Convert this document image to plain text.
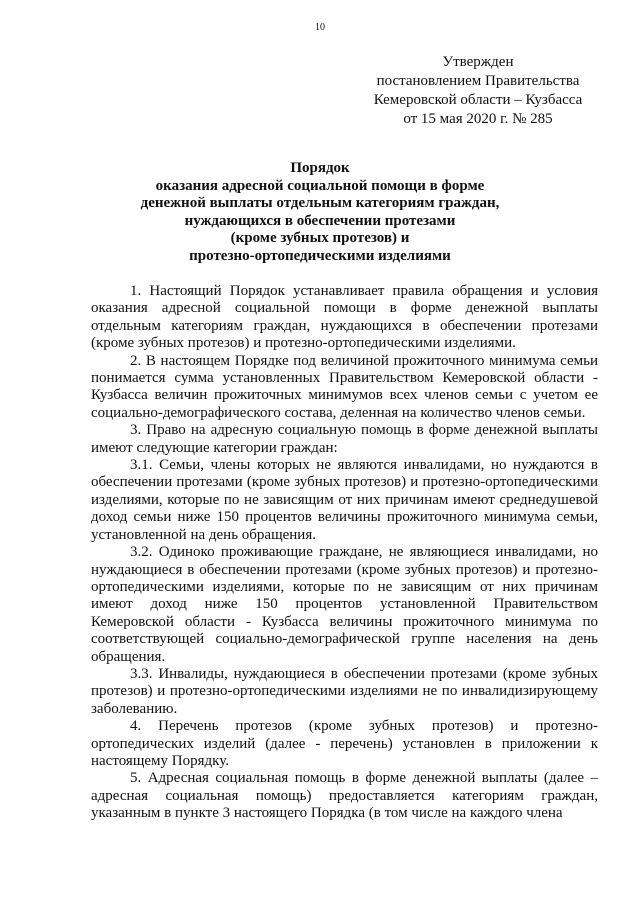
10
Утвержден
постановлением Правительства
Кемеровской области – Кузбасса
от 15 мая 2020 г. № 285
Порядок
оказания адресной социальной помощи в форме
денежной выплаты отдельным категориям граждан,
нуждающихся в обеспечении протезами
(кроме зубных протезов) и
протезно-ортопедическими изделиями

1. Настоящий Порядок устанавливает правила обращения и условия оказания адресной социальной помощи в форме денежной выплаты отдельным категориям граждан, нуждающихся в обеспечении протезами (кроме зубных протезов) и протезно-ортопедическими изделиями.

2. В настоящем Порядке под величиной прожиточного минимума семьи понимается сумма установленных Правительством Кемеровской области - Кузбасса величин прожиточных минимумов всех членов семьи с учетом ее социально-демографического состава, деленная на количество членов семьи.

3. Право на адресную социальную помощь в форме денежной выплаты имеют следующие категории граждан:

3.1. Семьи, члены которых не являются инвалидами, но нуждаются в обеспечении протезами (кроме зубных протезов) и протезно-ортопедическими изделиями, которые по не зависящим от них причинам имеют среднедушевой доход семьи ниже 150 процентов величины прожиточного минимума семьи, установленной на день обращения.

3.2. Одиноко проживающие граждане, не являющиеся инвалидами, но нуждающиеся в обеспечении протезами (кроме зубных протезов) и протезно-ортопедическими изделиями, которые по не зависящим от них причинам имеют доход ниже 150 процентов установленной Правительством Кемеровской области - Кузбасса величины прожиточного минимума по соответствующей социально-демографической группе населения на день обращения.

3.3. Инвалиды, нуждающиеся в обеспечении протезами (кроме зубных протезов) и протезно-ортопедическими изделиями не по инвалидизирующему заболеванию.

4. Перечень протезов (кроме зубных протезов) и протезно-ортопедических изделий (далее - перечень) установлен в приложении к настоящему Порядку.

5. Адресная социальная помощь в форме денежной выплаты (далее – адресная социальная помощь) предоставляется категориям граждан, указанным в пункте 3 настоящего Порядка (в том числе на каждого члена
